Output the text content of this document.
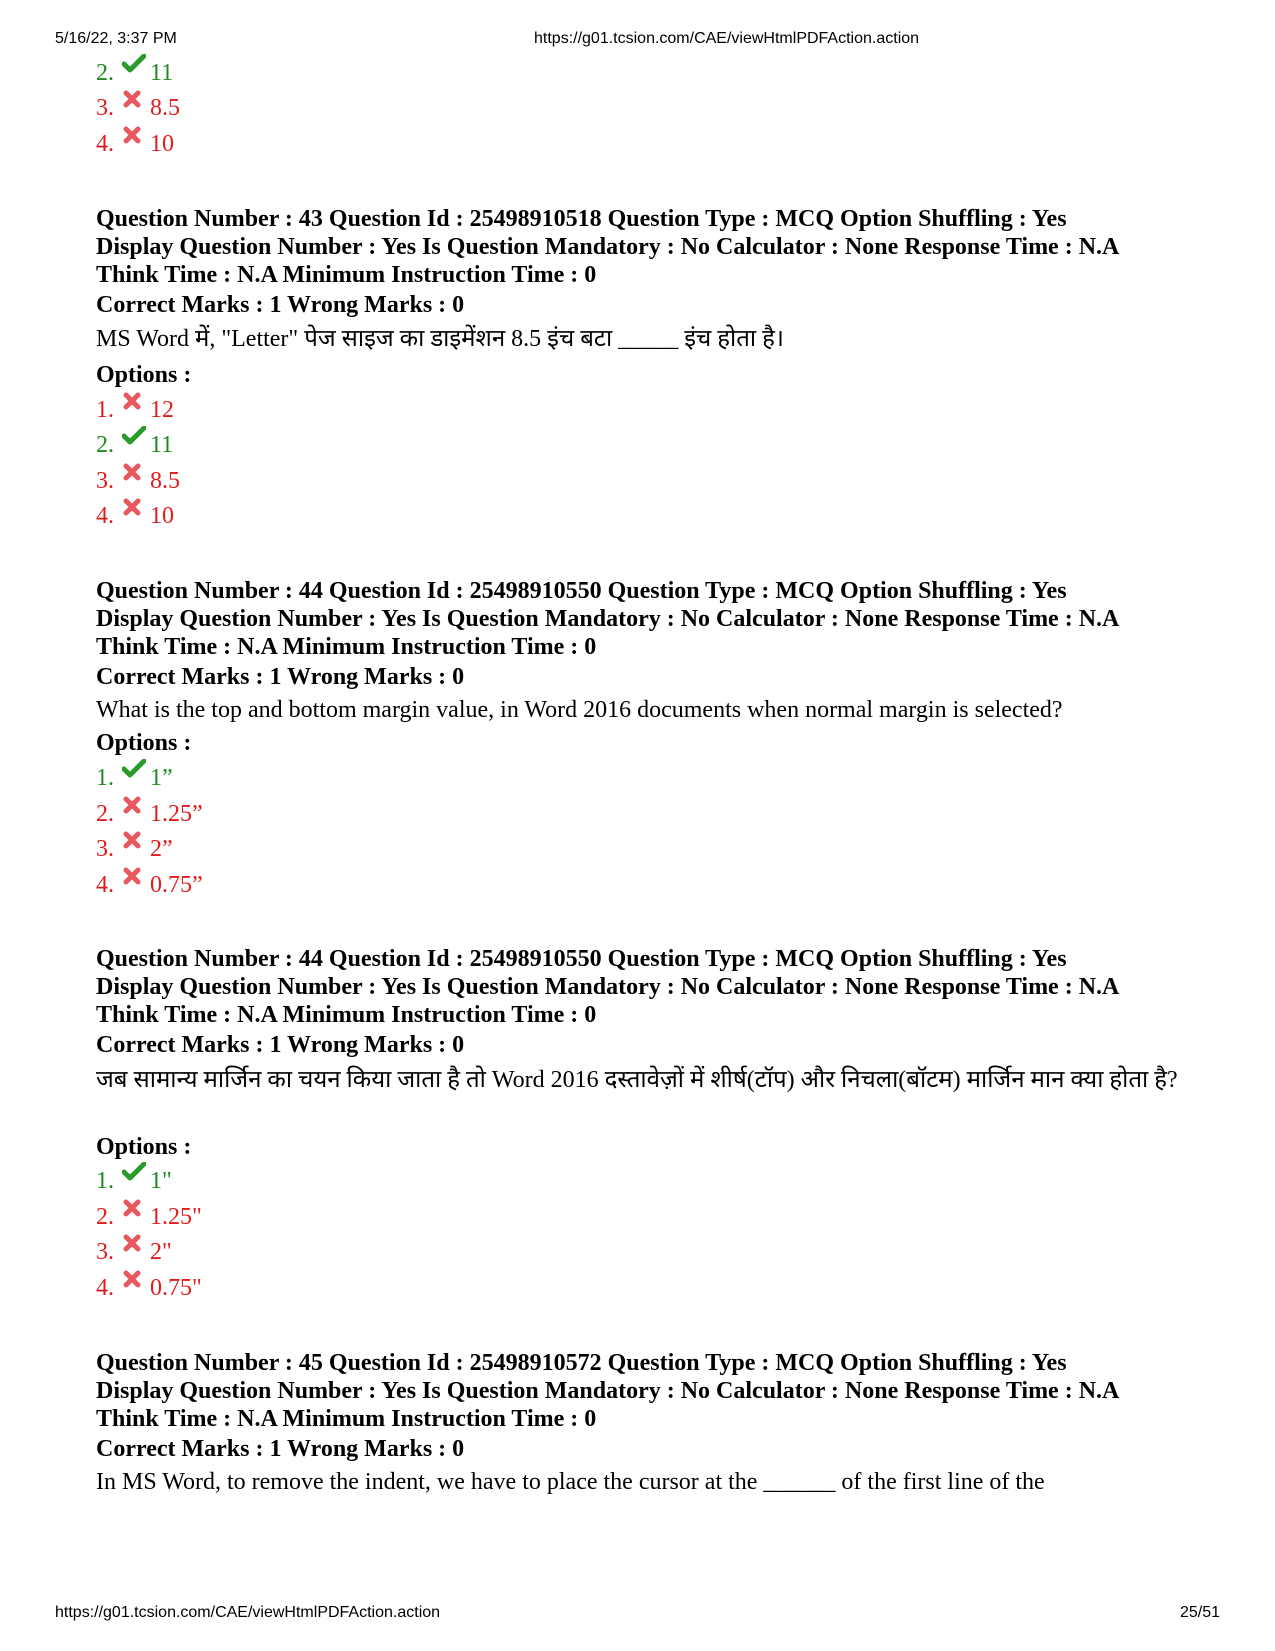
5/16/22, 3:37 PM	https://g01.tcsion.com/CAE/viewHtmlPDFAction.action
2.	11
3.	8.5
4.	10
Question Number : 43 Question Id : 25498910518 Question Type : MCQ Option Shuffling : Yes
Display Question Number : Yes Is Question Mandatory : No Calculator : None Response Time : N.A
Think Time : N.A Minimum Instruction Time : 0
Correct Marks : 1 Wrong Marks : 0
MS Word में, "Letter" पेज साइज का डाइमेंशन 8.5 इंच बटा _____ इंच होता है।
Options :
1.	12
2.	11
3.	8.5
4.	10
Question Number : 44 Question Id : 25498910550 Question Type : MCQ Option Shuffling : Yes
Display Question Number : Yes Is Question Mandatory : No Calculator : None Response Time : N.A
Think Time : N.A Minimum Instruction Time : 0
Correct Marks : 1 Wrong Marks : 0
What is the top and bottom margin value, in Word 2016 documents when normal margin is selected?
Options :
1.	1”
2.	1.25”
3.	2”
4.	0.75”
Question Number : 44 Question Id : 25498910550 Question Type : MCQ Option Shuffling : Yes
Display Question Number : Yes Is Question Mandatory : No Calculator : None Response Time : N.A
Think Time : N.A Minimum Instruction Time : 0
Correct Marks : 1 Wrong Marks : 0
जब सामान्य मार्जिन का चयन किया जाता है तो Word 2016 दस्तावेज़ों में शीर्ष(टॉप) और निचला(बॉटम) मार्जिन मान क्या होता है?
Options :
1.	1"
2.	1.25"
3.	2"
4.	0.75"
Question Number : 45 Question Id : 25498910572 Question Type : MCQ Option Shuffling : Yes
Display Question Number : Yes Is Question Mandatory : No Calculator : None Response Time : N.A
Think Time : N.A Minimum Instruction Time : 0
Correct Marks : 1 Wrong Marks : 0
In MS Word, to remove the indent, we have to place the cursor at the ______ of the first line of the
https://g01.tcsion.com/CAE/viewHtmlPDFAction.action	25/51
